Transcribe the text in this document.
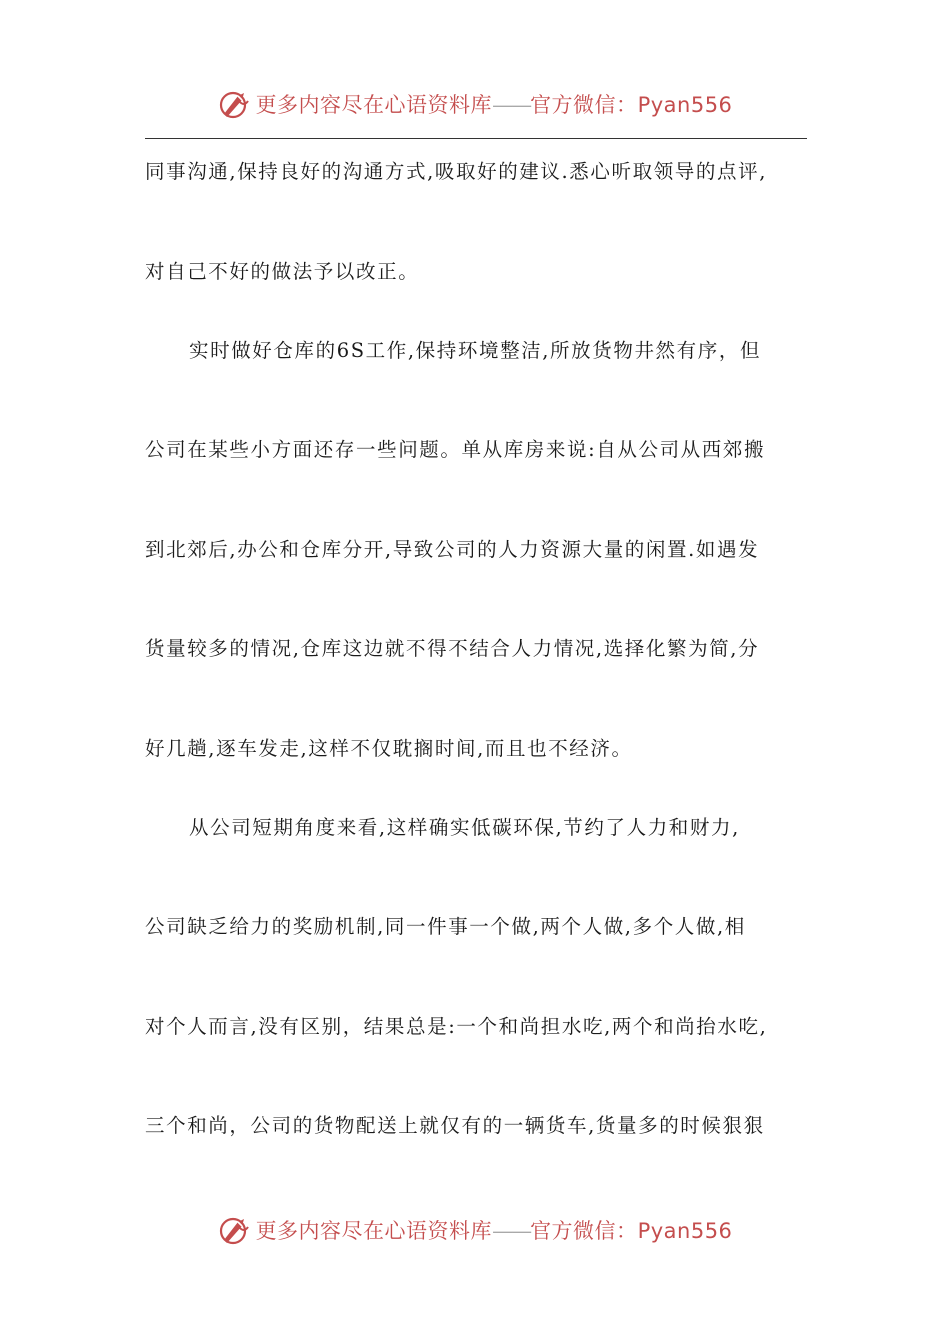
更多内容尽在心语资料库——官方微信：Pyan556
同事沟通,保持良好的沟通方式,吸取好的建议.悉心听取领导的点评,
对自己不好的做法予以改正。
实时做好仓库的6S工作,保持环境整洁,所放货物井然有序，但
公司在某些小方面还存一些问题。单从库房来说:自从公司从西郊搬
到北郊后,办公和仓库分开,导致公司的人力资源大量的闲置.如遇发
货量较多的情况,仓库这边就不得不结合人力情况,选择化繁为简,分
好几趟,逐车发走,这样不仅耽搁时间,而且也不经济。
从公司短期角度来看,这样确实低碳环保,节约了人力和财力,
公司缺乏给力的奖励机制,同一件事一个做,两个人做,多个人做,相
对个人而言,没有区别，结果总是:一个和尚担水吃,两个和尚抬水吃,
三个和尚，公司的货物配送上就仅有的一辆货车,货量多的时候狠狠
更多内容尽在心语资料库——官方微信：Pyan556
